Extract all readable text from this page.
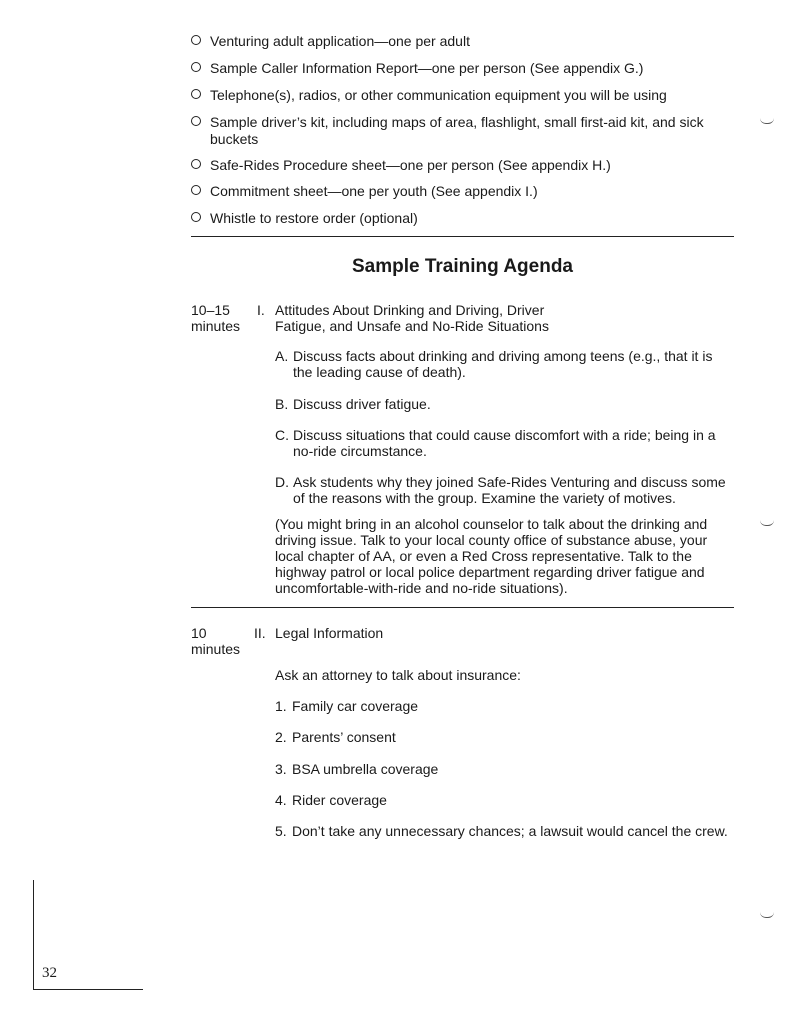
Venturing adult application—one per adult
Sample Caller Information Report—one per person (See appendix G.)
Telephone(s), radios, or other communication equipment you will be using
Sample driver’s kit, including maps of area, flashlight, small first-aid kit, and sick buckets
Safe-Rides Procedure sheet—one per person (See appendix H.)
Commitment sheet—one per youth (See appendix I.)
Whistle to restore order (optional)
Sample Training Agenda
10–15 minutes
I. Attitudes About Drinking and Driving, Driver Fatigue, and Unsafe and No-Ride Situations
A. Discuss facts about drinking and driving among teens (e.g., that it is the leading cause of death).
B. Discuss driver fatigue.
C. Discuss situations that could cause discomfort with a ride; being in a no-ride circumstance.
D. Ask students why they joined Safe-Rides Venturing and discuss some of the reasons with the group. Examine the variety of motives.
(You might bring in an alcohol counselor to talk about the drinking and driving issue. Talk to your local county office of substance abuse, your local chapter of AA, or even a Red Cross representative. Talk to the highway patrol or local police department regarding driver fatigue and uncomfortable-with-ride and no-ride situations).
10 minutes
II. Legal Information
Ask an attorney to talk about insurance:
1. Family car coverage
2. Parents’ consent
3. BSA umbrella coverage
4. Rider coverage
5. Don’t take any unnecessary chances; a lawsuit would cancel the crew.
32
